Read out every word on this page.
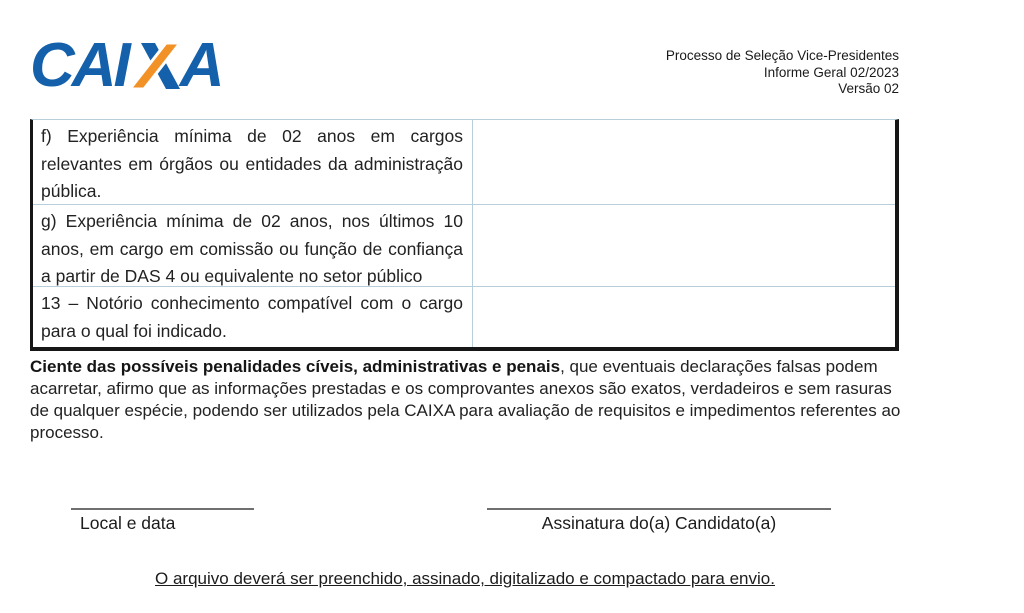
CAI A	Processo de Seleção Vice-Presidentes
Informe Geral 02/2023
Versão 02
f) Experiência mínima de 02 anos em cargos relevantes em órgãos ou entidades da administração pública.
g) Experiência mínima de 02 anos, nos últimos 10 anos, em cargo em comissão ou função de confiança a partir de DAS 4 ou equivalente no setor público
13 – Notório conhecimento compatível com o cargo para o qual foi indicado.

Ciente das possíveis penalidades cíveis, administrativas e penais, que eventuais declarações falsas podem acarretar, afirmo que as informações prestadas e os comprovantes anexos são exatos, verdadeiros e sem rasuras de qualquer espécie, podendo ser utilizados pela CAIXA para avaliação de requisitos e impedimentos referentes ao processo.

Local e data	Assinatura do(a) Candidato(a)
O arquivo deverá ser preenchido, assinado, digitalizado e compactado para envio.
